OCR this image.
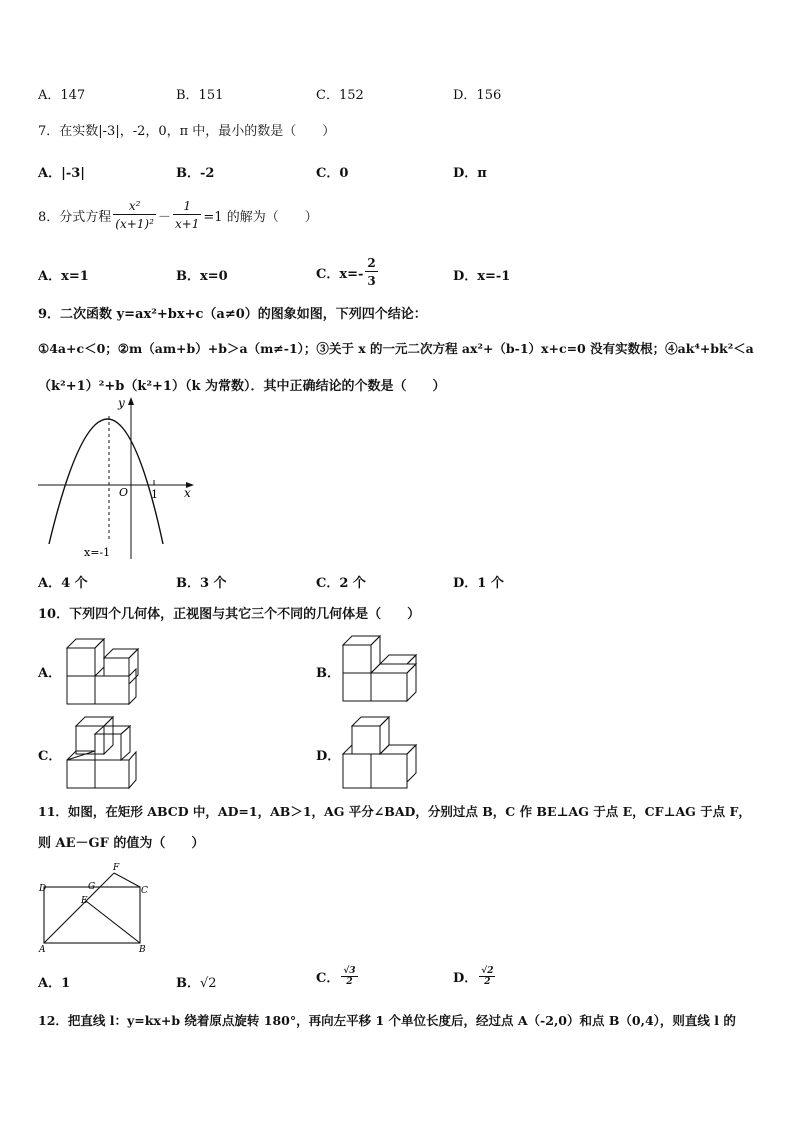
A．147	B．151	C．152	D．156
7．在实数|-3|，-2，0，π 中，最小的数是（　　）
A．|-3|	B．-2	C．0	D．π
8．分式方程 $\frac{\text{x²}}{\text{(x+1)²}} - \frac{1}{x+1} =1$ 的解为（　　）
A．x=1	B．x=0	C．$x=- \frac{2}{3}$	D．x=-1
9．二次函数 y=ax²+bx+c（a≠0）的图象如图，下列四个结论：
①4a+c＜0；②m（am+b）+b＞a（m≠-1）；③关于 x 的一元二次方程 ax²+（b-1）x+c=0 没有实数根；④ak⁴+bk²＜a
（k²+1）²+b（k²+1）（k 为常数）．其中正确结论的个数是（　　）
y
x
O 1
x=-1
A．4 个	B．3 个	C．2 个	D．1 个
10．下列四个几何体，正视图与其它三个不同的几何体是（　　）
A．	B．
C．	D．
11．如图，在矩形 ABCD 中，AD=1，AB＞1，AG 平分∠BAD，分别过点 B，C 作 BE⊥AG 于点 E，CF⊥AG 于点 F，
则 AE－GF 的值为（　　）
A	B
C
D
E
F
G
A．1	B．√2	C． $\frac{√3}{2}$	D． $\frac{√2}{2}$
12．把直线 l：y=kx+b 绕着原点旋转 180°，再向左平移 1 个单位长度后，经过点 A（-2,0）和点 B（0,4），则直线 l 的
